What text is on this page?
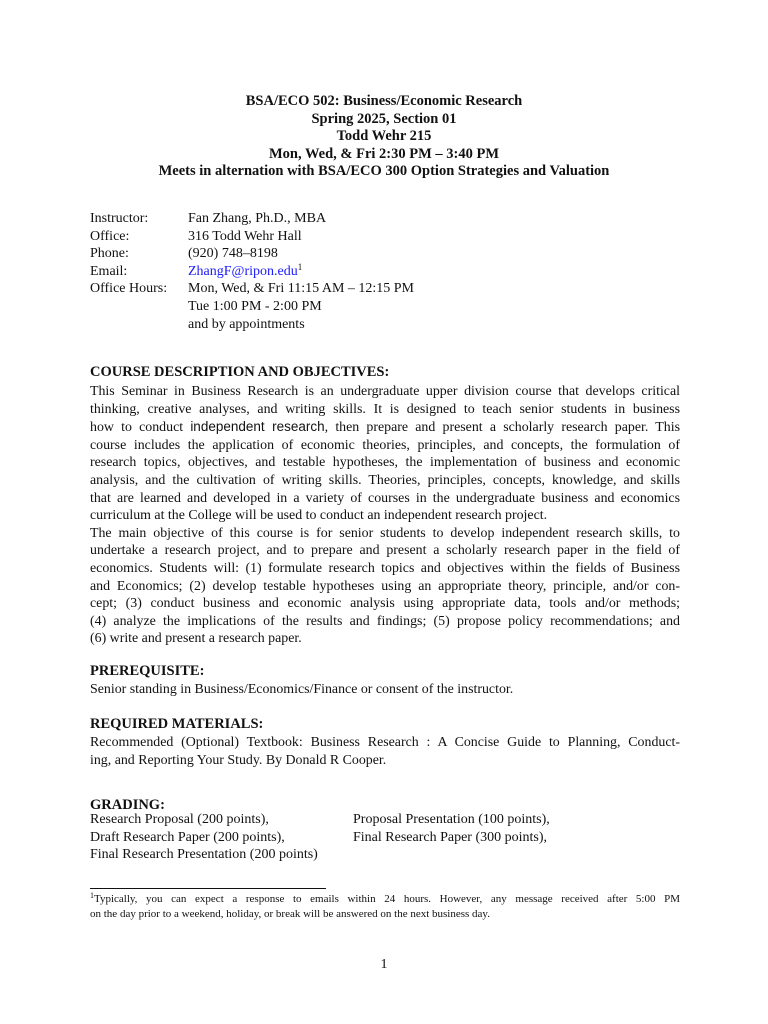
BSA/ECO 502: Business/Economic Research
Spring 2025, Section 01
Todd Wehr 215
Mon, Wed, & Fri 2:30 PM – 3:40 PM
Meets in alternation with BSA/ECO 300 Option Strategies and Valuation
Instructor:	Fan Zhang, Ph.D., MBA
Office:	316 Todd Wehr Hall
Phone:	(920) 748–8198
Email:	ZhangF@ripon.edu$^1$
Office Hours:	Mon, Wed, & Fri 11:15 AM – 12:15 PM
Tue 1:00 PM - 2:00 PM
and by appointments
COURSE DESCRIPTION AND OBJECTIVES:
This Seminar in Business Research is an undergraduate upper division course that develops critical
thinking, creative analyses, and writing skills. It is designed to teach senior students in business
how to conduct independent research, then prepare and present a scholarly research paper. This
course includes the application of economic theories, principles, and concepts, the formulation of
research topics, objectives, and testable hypotheses, the implementation of business and economic
analysis, and the cultivation of writing skills. Theories, principles, concepts, knowledge, and skills
that are learned and developed in a variety of courses in the undergraduate business and economics
curriculum at the College will be used to conduct an independent research project.
The main objective of this course is for senior students to develop independent research skills, to
undertake a research project, and to prepare and present a scholarly research paper in the field of
economics. Students will: (1) formulate research topics and objectives within the fields of Business
and Economics; (2) develop testable hypotheses using an appropriate theory, principle, and/or con-
cept; (3) conduct business and economic analysis using appropriate data, tools and/or methods;
(4) analyze the implications of the results and findings; (5) propose policy recommendations; and
(6) write and present a research paper.
PREREQUISITE:
Senior standing in Business/Economics/Finance or consent of the instructor.
REQUIRED MATERIALS:
Recommended (Optional) Textbook: Business Research : A Concise Guide to Planning, Conduct-
ing, and Reporting Your Study. By Donald R Cooper.
GRADING:
Research Proposal (200 points),	Proposal Presentation (100 points),
Draft Research Paper (200 points),	Final Research Paper (300 points),
Final Research Presentation (200 points)
$^1$Typically, you can expect a response to emails within 24 hours. However, any message received after 5:00 PM
on the day prior to a weekend, holiday, or break will be answered on the next business day.
1
